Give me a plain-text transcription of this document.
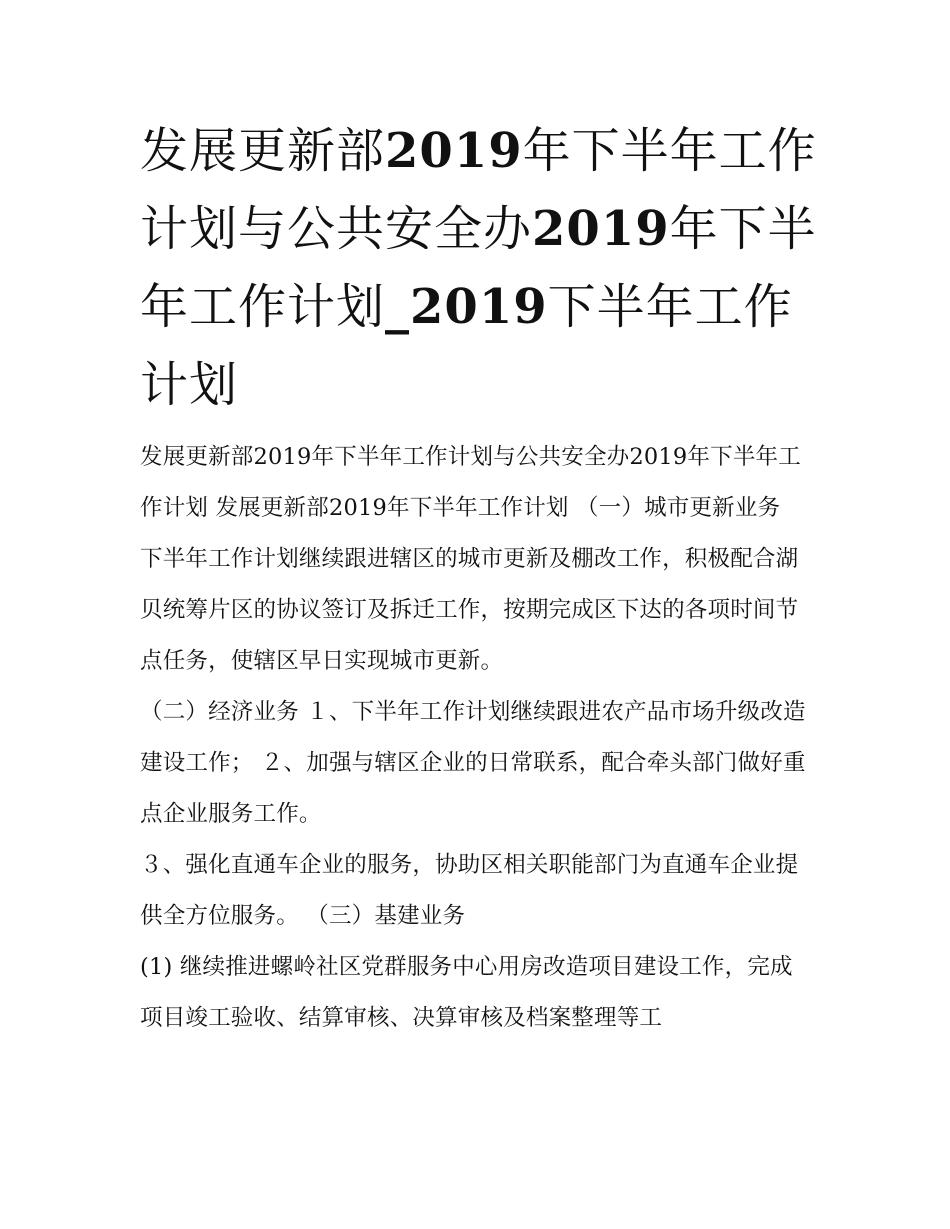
发展更新部2019年下半年工作计划与公共安全办2019年下半年工作计划_2019下半年工作计划

发展更新部2019年下半年工作计划与公共安全办2019年下半年工作计划 发展更新部2019年下半年工作计划 （一）城市更新业务

下半年工作计划继续跟进辖区的城市更新及棚改工作，积极配合湖贝统筹片区的协议签订及拆迁工作，按期完成区下达的各项时间节点任务，使辖区早日实现城市更新。

（二）经济业务 １、下半年工作计划继续跟进农产品市场升级改造建设工作； ２、加强与辖区企业的日常联系，配合牵头部门做好重点企业服务工作。

３、强化直通车企业的服务，协助区相关职能部门为直通车企业提供全方位服务。 （三）基建业务

(1) 继续推进螺岭社区党群服务中心用房改造项目建设工作，完成项目竣工验收、结算审核、决算审核及档案整理等工
